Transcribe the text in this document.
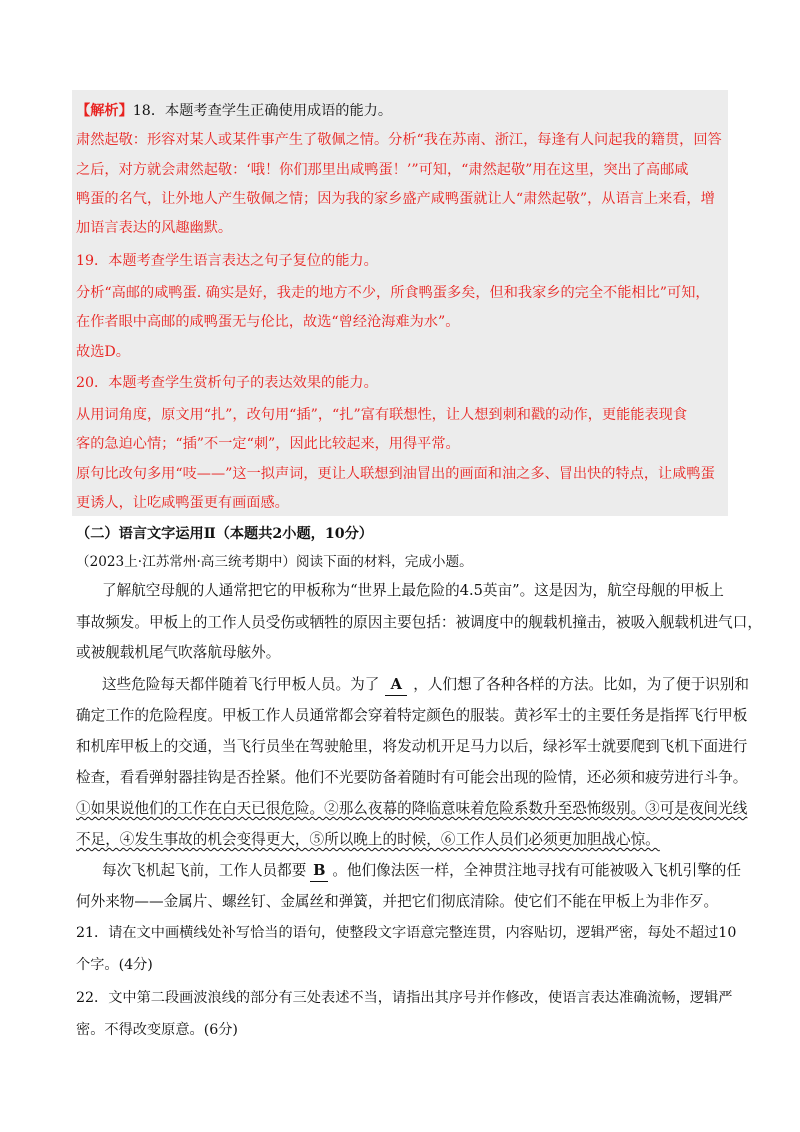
【解析】18．本题考查学生正确使用成语的能力。
肃然起敬：形容对某人或某件事产生了敬佩之情。分析“我在苏南、浙江，每逢有人问起我的籍贯，回答
之后，对方就会肃然起敬：‘哦！你们那里出咸鸭蛋！’”可知，“肃然起敬”用在这里，突出了高邮咸
鸭蛋的名气，让外地人产生敬佩之情；因为我的家乡盛产咸鸭蛋就让人“肃然起敬”，从语言上来看，增
加语言表达的风趣幽默。
19．本题考查学生语言表达之句子复位的能力。
分析“高邮的咸鸭蛋. 确实是好，我走的地方不少，所食鸭蛋多矣，但和我家乡的完全不能相比”可知，
在作者眼中高邮的咸鸭蛋无与伦比，故选“曾经沧海难为水”。
故选D。
20．本题考查学生赏析句子的表达效果的能力。
从用词角度，原文用“扎”，改句用“插”，“扎”富有联想性，让人想到刺和戳的动作，更能能表现食
客的急迫心情；“插”不一定“刺”，因此比较起来，用得平常。
原句比改句多用“吱——”这一拟声词，更让人联想到油冒出的画面和油之多、冒出快的特点，让咸鸭蛋
更诱人，让吃咸鸭蛋更有画面感。
（二）语言文字运用Ⅱ（本题共2小题，10分）
（2023上·江苏常州·高三统考期中）阅读下面的材料，完成小题。
了解航空母舰的人通常把它的甲板称为“世界上最危险的4.5英亩”。这是因为，航空母舰的甲板上
事故频发。甲板上的工作人员受伤或牺牲的原因主要包括：被调度中的舰载机撞击，被吸入舰载机进气口，
或被舰载机尾气吹落航母舷外。
这些危险每天都伴随着飞行甲板人员。为了 A ，人们想了各种各样的方法。比如，为了便于识别和
确定工作的危险程度。甲板工作人员通常都会穿着特定颜色的服装。黄衫军士的主要任务是指挥飞行甲板
和机库甲板上的交通，当飞行员坐在驾驶舱里，将发动机开足马力以后，绿衫军士就要爬到飞机下面进行
检查，看看弹射器挂钩是否拴紧。他们不光要防备着随时有可能会出现的险情，还必须和疲劳进行斗争。
①如果说他们的工作在白天已很危险。②那么夜幕的降临意味着危险系数升至恐怖级别。③可是夜间光线
不足，④发生事故的机会变得更大，⑤所以晚上的时候，⑥工作人员们必须更加胆战心惊。
每次飞机起飞前，工作人员都要 B 。他们像法医一样，全神贯注地寻找有可能被吸入飞机引擎的任
何外来物——金属片、螺丝钉、金属丝和弹簧，并把它们彻底清除。使它们不能在甲板上为非作歹。
21．请在文中画横线处补写恰当的语句，使整段文字语意完整连贯，内容贴切，逻辑严密，每处不超过10
个字。(4分)
22．文中第二段画波浪线的部分有三处表述不当，请指出其序号并作修改，使语言表达准确流畅，逻辑严
密。不得改变原意。(6分)
